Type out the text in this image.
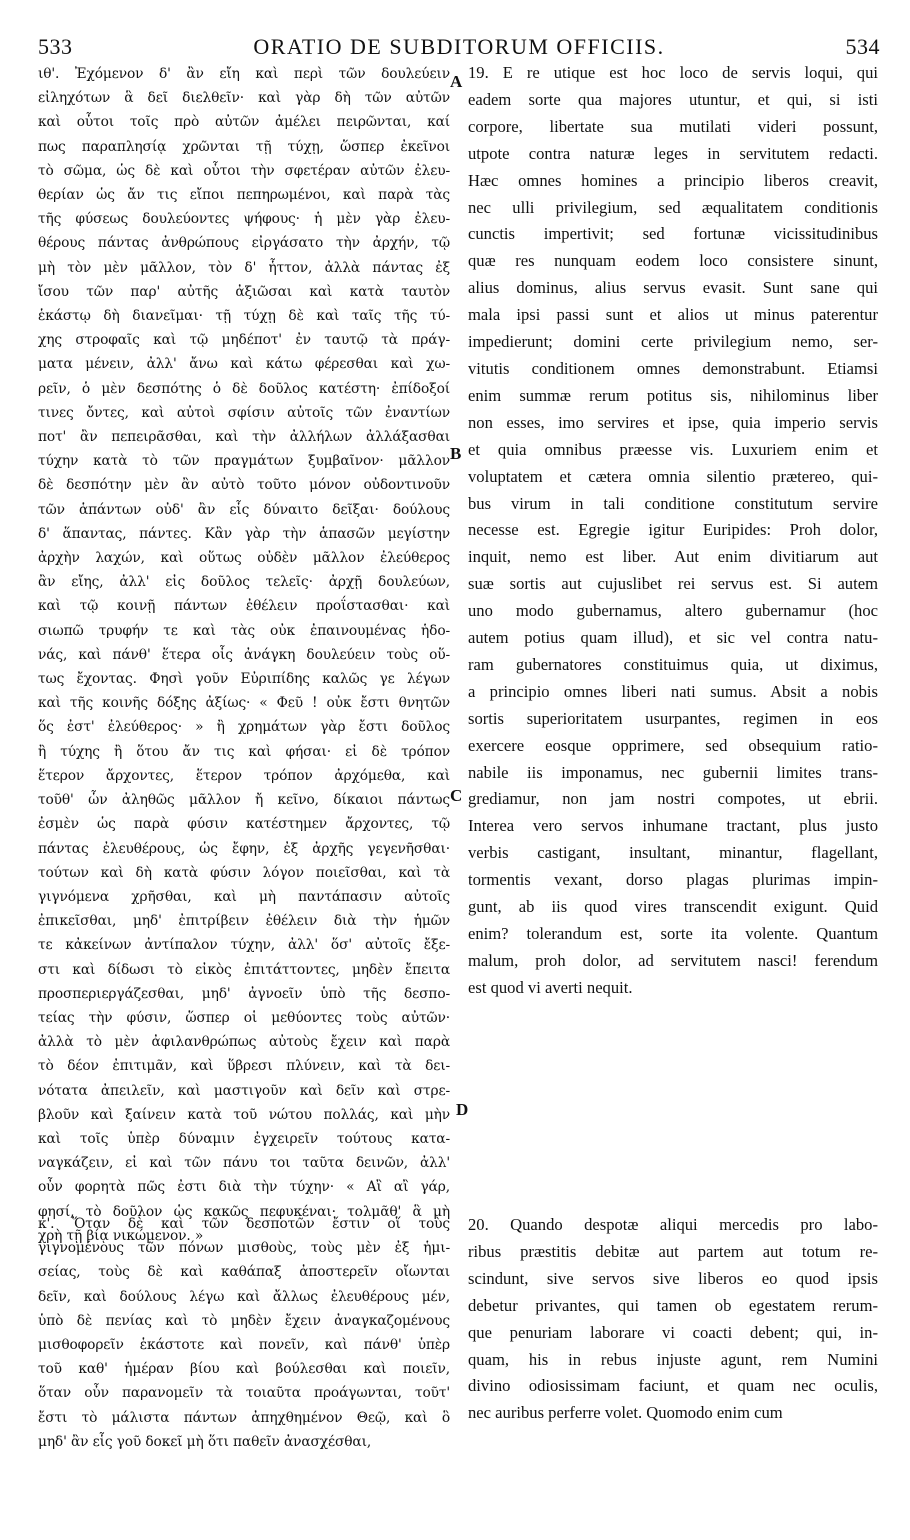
533	ORATIO DE SUBDITORUM OFFICIIS.	534
ιθ'. Ἐχόμενον δ' ἂν εἴη καὶ περὶ τῶν δουλεύειν
εἰληχότων ἃ δεῖ διελθεῖν· καὶ γὰρ δὴ τῶν αὐτῶν
καὶ οὗτοι τοῖς πρὸ αὐτῶν ἀμέλει πειρῶνται, καί
πως παραπλησίᾳ χρῶνται τῇ τύχῃ, ὥσπερ ἐκεῖνοι
τὸ σῶμα, ὡς δὲ καὶ οὗτοι τὴν σφετέραν αὐτῶν ἐλευ-
θερίαν ὡς ἄν τις εἴποι πεπηρωμένοι, καὶ παρὰ τὰς
τῆς φύσεως δουλεύοντες ψήφους· ἡ μὲν γὰρ ἐλευ-
θέρους πάντας ἀνθρώπους εἰργάσατο τὴν ἀρχήν, τῷ
μὴ τὸν μὲν μᾶλλον, τὸν δ' ἧττον, ἀλλὰ πάντας ἐξ
ἴσου τῶν παρ' αὐτῆς ἀξιῶσαι καὶ κατὰ ταυτὸν
ἑκάστῳ δὴ διανεῖμαι· τῇ τύχῃ δὲ καὶ ταῖς τῆς τύ-
χης στροφαῖς καὶ τῷ μηδέποτ' ἐν ταυτῷ τὰ πράγ-
ματα μένειν, ἀλλ' ἄνω καὶ κάτω φέρεσθαι καὶ χω-
ρεῖν, ὁ μὲν δεσπότης ὁ δὲ δοῦλος κατέστη· ἐπίδοξοί
τινες ὄντες, καὶ αὐτοὶ σφίσιν αὐτοῖς τῶν ἐναντίων
ποτ' ἂν πεπειρᾶσθαι, καὶ τὴν ἀλλήλων ἀλλάξασθαι
τύχην κατὰ τὸ τῶν πραγμάτων ξυμβαῖνον· μᾶλλον
δὲ δεσπότην μὲν ἂν αὐτὸ τοῦτο μόνον οὐδοντινοῦν
τῶν ἁπάντων οὐδ' ἂν εἷς δύναιτο δεῖξαι· δούλους
δ' ἅπαντας, πάντες. Κἂν γὰρ τὴν ἁπασῶν μεγίστην
ἀρχὴν λαχών, καὶ οὕτως οὐδὲν μᾶλλον ἐλεύθερος
ἂν εἴης, ἀλλ' εἰς δοῦλος τελεῖς· ἀρχῇ δουλεύων,
καὶ τῷ κοινῇ πάντων ἐθέλειν προΐστασθαι· καὶ
σιωπῶ τρυφήν τε καὶ τὰς οὐκ ἐπαινουμένας ἡδο-
νάς, καὶ πάνθ' ἕτερα οἷς ἀνάγκη δουλεύειν τοὺς οὕ-
τως ἔχοντας. Φησὶ γοῦν Εὐριπίδης καλῶς γε λέγων
καὶ τῆς κοινῆς δόξης ἀξίως· « Φεῦ ! οὐκ ἔστι θνητῶν
ὅς ἐστ' ἐλεύθερος· » ἢ χρημάτων γὰρ ἔστι δοῦλος
ἢ τύχης ἢ ὅτου ἄν τις καὶ φήσαι· εἰ δὲ τρόπον
ἕτερον ἄρχοντες, ἕτερον τρόπον ἀρχόμεθα, καὶ
τοῦθ' ὧν ἀληθῶς μᾶλλον ἤ κεῖνο, δίκαιοι πάντως
ἐσμὲν ὡς παρὰ φύσιν κατέστημεν ἄρχοντες, τῷ
πάντας ἐλευθέρους, ὡς ἔφην, ἐξ ἀρχῆς γεγενῆσθαι·
τούτων καὶ δὴ κατὰ φύσιν λόγον ποιεῖσθαι, καὶ τὰ
γιγνόμενα χρῆσθαι, καὶ μὴ παντάπασιν αὐτοῖς
ἐπικεῖσθαι, μηδ' ἐπιτρίβειν ἐθέλειν διὰ τὴν ἡμῶν
τε κἀκείνων ἀντίπαλον τύχην, ἀλλ' ὅσ' αὐτοῖς ἔξε-
στι καὶ δίδωσι τὸ εἰκὸς ἐπιτάττοντες, μηδὲν ἔπειτα
προσπεριεργάζεσθαι, μηδ' ἀγνοεῖν ὑπὸ τῆς δεσπο-
τείας τὴν φύσιν, ὥσπερ οἱ μεθύοντες τοὺς αὐτῶν·
ἀλλὰ τὸ μὲν ἀφιλανθρώπως αὐτοὺς ἔχειν καὶ παρὰ
τὸ δέον ἐπιτιμᾶν, καὶ ὕβρεσι πλύνειν, καὶ τὰ δει-
νότατα ἀπειλεῖν, καὶ μαστιγοῦν καὶ δεῖν καὶ στρε-
βλοῦν καὶ ξαίνειν κατὰ τοῦ νώτου πολλάς, καὶ μὴν
καὶ τοῖς ὑπὲρ δύναμιν ἐγχειρεῖν τούτους κατα-
ναγκάζειν, εἰ καὶ τῶν πάνυ τοι ταῦτα δεινῶν, ἀλλ'
οὖν φορητὰ πῶς ἐστι διὰ τὴν τύχην· « Αἲ αἲ γάρ,
φησί, τὸ δοῦλον ὡς κακῶς πεφυκέναι· τολμᾶθ' ἃ μὴ
χρὴ τῇ βίᾳ νικώμενον. »
κ'. Ὅταν δὲ καὶ τῶν δεσποτῶν ἔστιν οἵ τοὺς
γιγνομένους τῶν πόνων μισθοὺς, τοὺς μὲν ἐξ ἡμι-
σείας, τοὺς δὲ καὶ καθάπαξ ἀποστερεῖν οἴωνται
δεῖν, καὶ δούλους λέγω καὶ ἄλλως ἐλευθέρους μέν,
ὑπὸ δὲ πενίας καὶ τὸ μηδὲν ἔχειν ἀναγκαζομένους
μισθοφορεῖν ἑκάστοτε καὶ πονεῖν, καὶ πάνθ' ὑπὲρ
τοῦ καθ' ἡμέραν βίου καὶ βούλεσθαι καὶ ποιεῖν,
ὅταν οὖν παρανομεῖν τὰ τοιαῦτα προάγωνται, τοῦτ'
ἔστι τὸ μάλιστα πάντων ἀπηχθημένον Θεῷ, καὶ ὃ
μηδ' ἂν εἷς γοῦ δοκεῖ μὴ ὅτι παθεῖν ἀνασχέσθαι,
19. E re utique est hoc loco de servis loqui, qui
eadem sorte qua majores utuntur, et qui, si isti
corpore, libertate sua mutilati videri possunt,
utpote contra naturæ leges in servitutem redacti.
Hæc omnes homines a principio liberos creavit,
nec ulli privilegium, sed æqualitatem conditionis
cunctis impertivit; sed fortunæ vicissitudinibus
quæ res nunquam eodem loco consistere sinunt,
alius dominus, alius servus evasit. Sunt sane qui
mala ipsi passi sunt et alios ut minus paterentur
impedierunt; domini certe privilegium nemo, ser-
vitutis conditionem omnes demonstrabunt. Etiamsi
enim summæ rerum potitus sis, nihilominus liber
non esses, imo servires et ipse, quia imperio servis
et quia omnibus præesse vis. Luxuriem enim et
voluptatem et cætera omnia silentio prætereo, qui-
bus virum in tali conditione constitutum servire
necesse est. Egregie igitur Euripides: Proh dolor,
inquit, nemo est liber. Aut enim divitiarum aut
suæ sortis aut cujuslibet rei servus est. Si autem
uno modo gubernamus, altero gubernamur (hoc
autem potius quam illud), et sic vel contra natu-
ram gubernatores constituimus quia, ut diximus,
a principio omnes liberi nati sumus. Absit a nobis
sortis superioritatem usurpantes, regimen in eos
exercere eosque opprimere, sed obsequium ratio-
nabile iis imponamus, nec gubernii limites trans-
grediamur, non jam nostri compotes, ut ebrii.
Interea vero servos inhumane tractant, plus justo
verbis castigant, insultant, minantur, flagellant,
tormentis vexant, dorso plagas plurimas impin-
gunt, ab iis quod vires transcendit exigunt. Quid
enim? tolerandum est, sorte ita volente. Quantum
malum, proh dolor, ad servitutem nasci! ferendum
est quod vi averti nequit.
20. Quando despotæ aliqui mercedis pro labo-
ribus præstitis debitæ aut partem aut totum re-
scindunt, sive servos sive liberos eo quod ipsis
debetur privantes, qui tamen ob egestatem rerum-
que penuriam laborare vi coacti debent; qui, in-
quam, his in rebus injuste agunt, rem Numini
divino odiosissimam faciunt, et quam nec oculis,
nec auribus perferre volet. Quomodo enim cum
A
B
C
D
